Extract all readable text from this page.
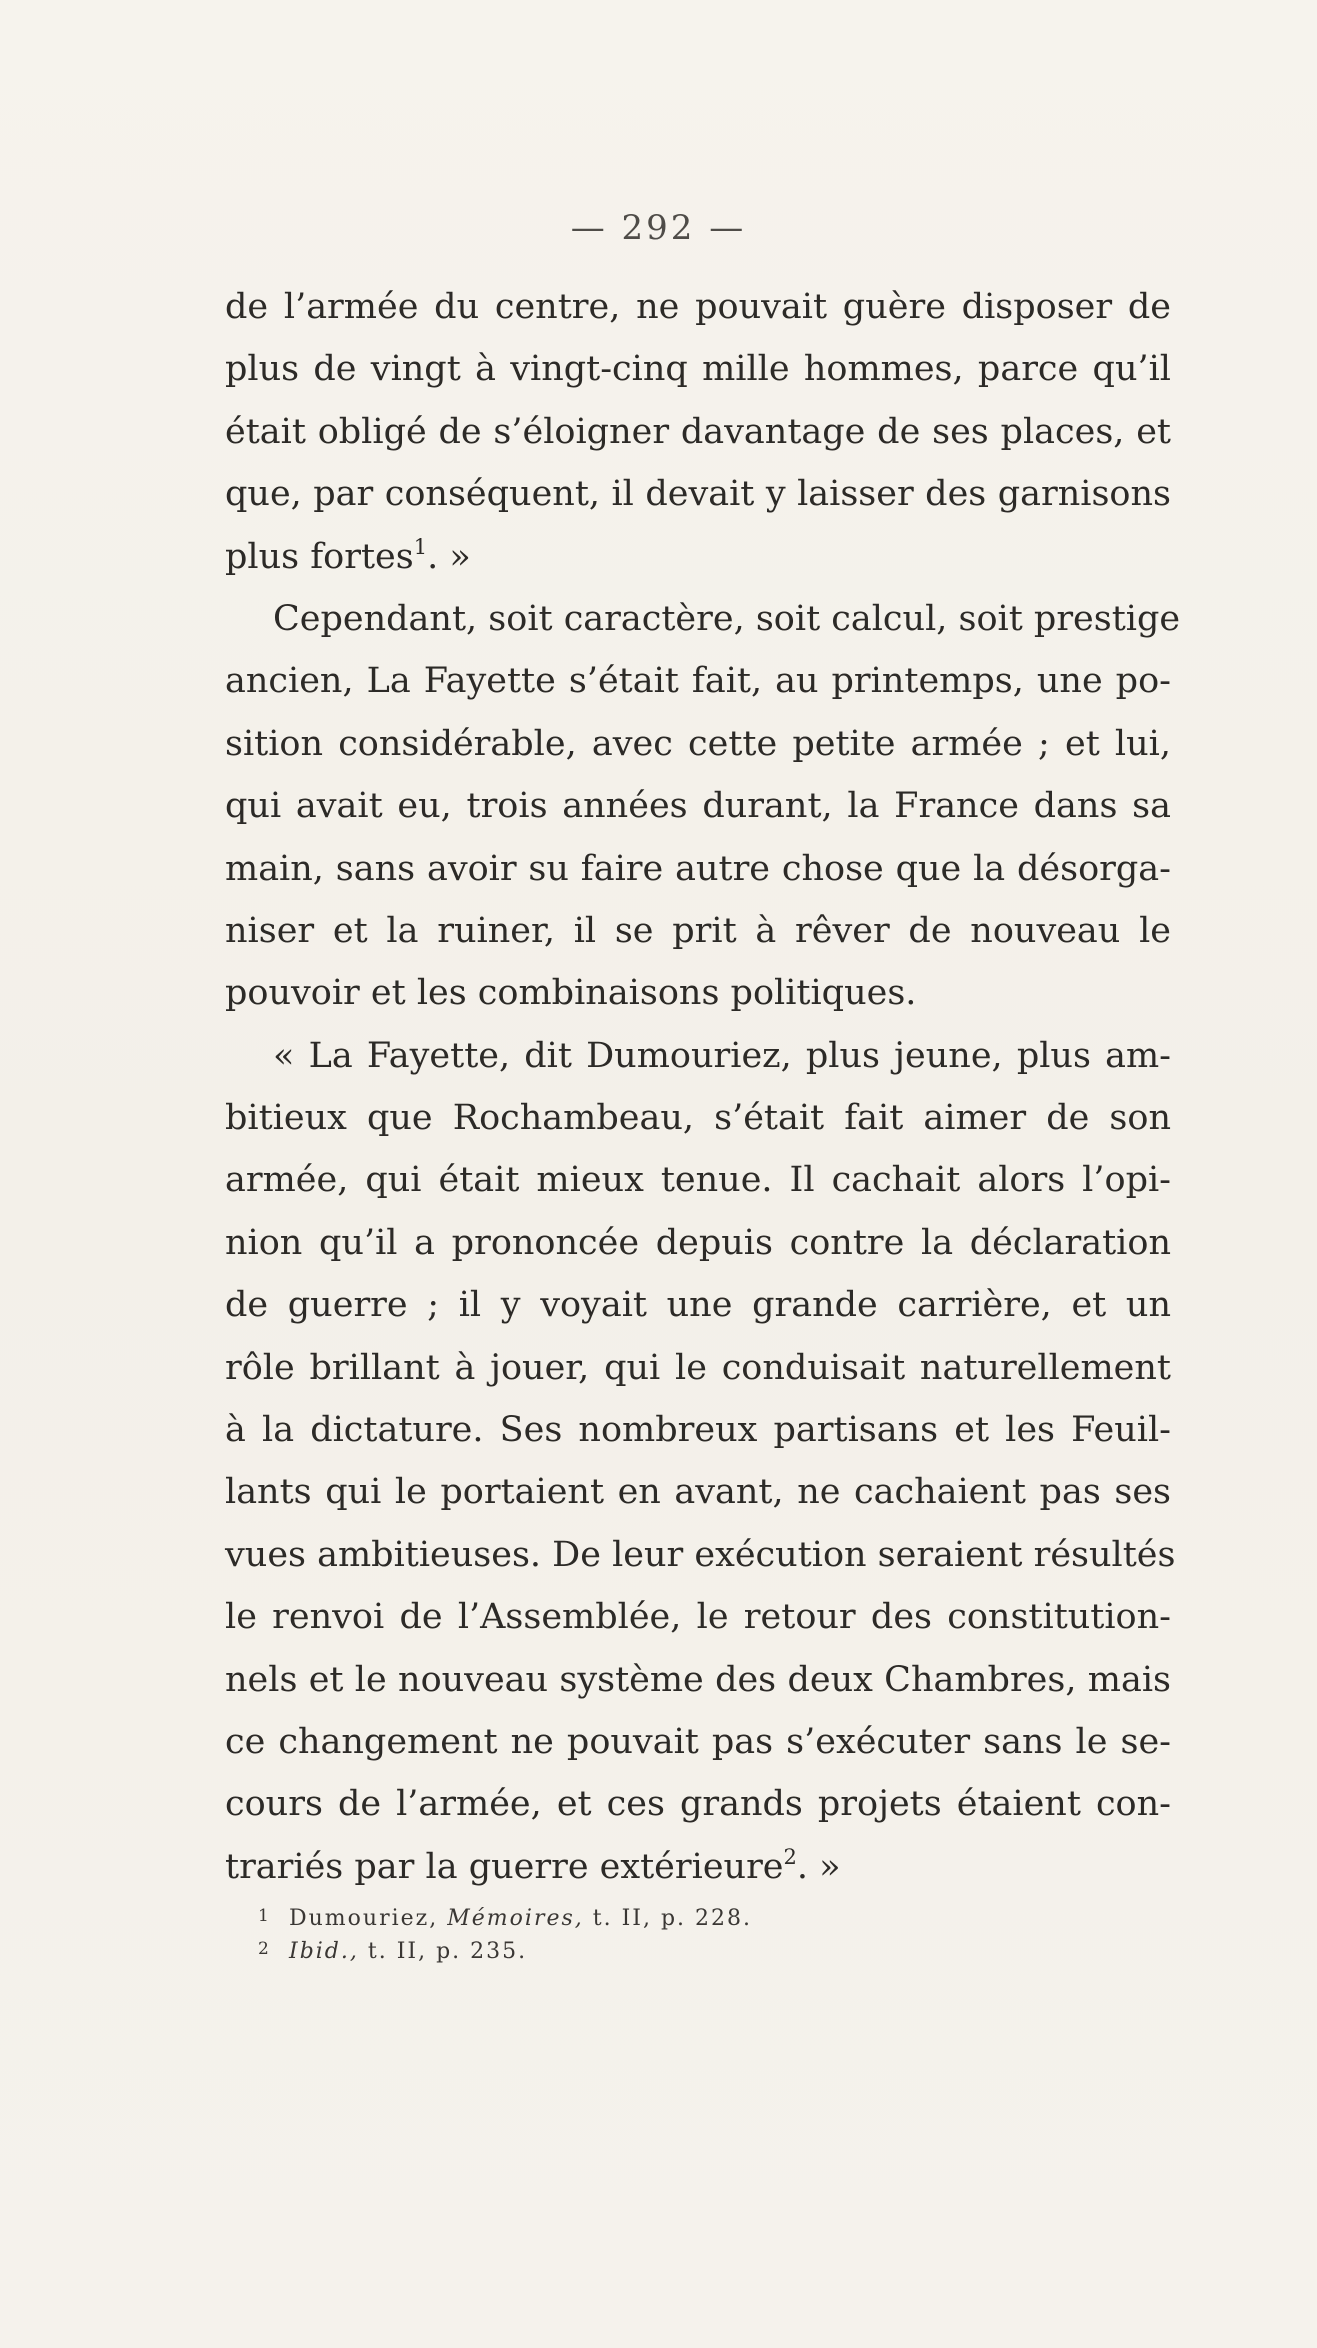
— 292 —
de l’armée du centre, ne pouvait guère disposer de
plus de vingt à vingt-cinq mille hommes, parce qu’il
était obligé de s’éloigner davantage de ses places, et
que, par conséquent, il devait y laisser des garnisons
plus fortes$^1$. »
Cependant, soit caractère, soit calcul, soit prestige
ancien, La Fayette s’était fait, au printemps, une po-
sition considérable, avec cette petite armée ; et lui,
qui avait eu, trois années durant, la France dans sa
main, sans avoir su faire autre chose que la désorga-
niser et la ruiner, il se prit à rêver de nouveau le
pouvoir et les combinaisons politiques.
« La Fayette, dit Dumouriez, plus jeune, plus am-
bitieux que Rochambeau, s’était fait aimer de son
armée, qui était mieux tenue. Il cachait alors l’opi-
nion qu’il a prononcée depuis contre la déclaration
de guerre ; il y voyait une grande carrière, et un
rôle brillant à jouer, qui le conduisait naturellement
à la dictature. Ses nombreux partisans et les Feuil-
lants qui le portaient en avant, ne cachaient pas ses
vues ambitieuses. De leur exécution seraient résultés
le renvoi de l’Assemblée, le retour des constitution-
nels et le nouveau système des deux Chambres, mais
ce changement ne pouvait pas s’exécuter sans le se-
cours de l’armée, et ces grands projets étaient con-
trariés par la guerre extérieure$^2$. »
1 Dumouriez, Mémoires, t. II, p. 228.
2 Ibid., t. II, p. 235.
